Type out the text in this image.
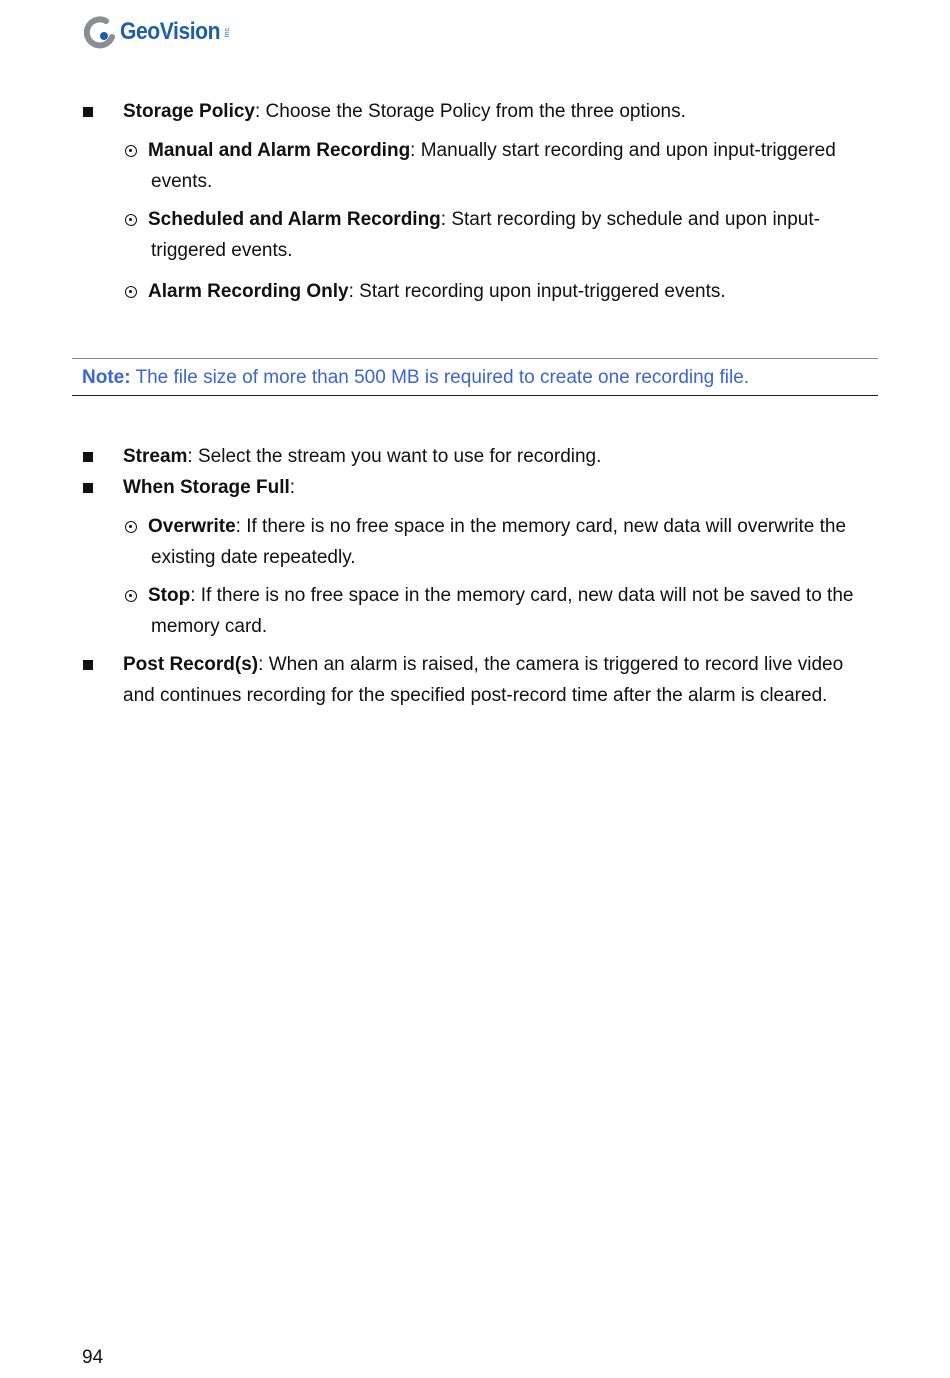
GeoVision Inc.
Storage Policy: Choose the Storage Policy from the three options.
Manual and Alarm Recording: Manually start recording and upon input-triggered
events.
Scheduled and Alarm Recording: Start recording by schedule and upon input-
triggered events.
Alarm Recording Only: Start recording upon input-triggered events.
Note: The file size of more than 500 MB is required to create one recording file.
Stream: Select the stream you want to use for recording.
When Storage Full:
Overwrite: If there is no free space in the memory card, new data will overwrite the
existing date repeatedly.
Stop: If there is no free space in the memory card, new data will not be saved to the
memory card.
Post Record(s): When an alarm is raised, the camera is triggered to record live video
and continues recording for the specified post-record time after the alarm is cleared.
94
